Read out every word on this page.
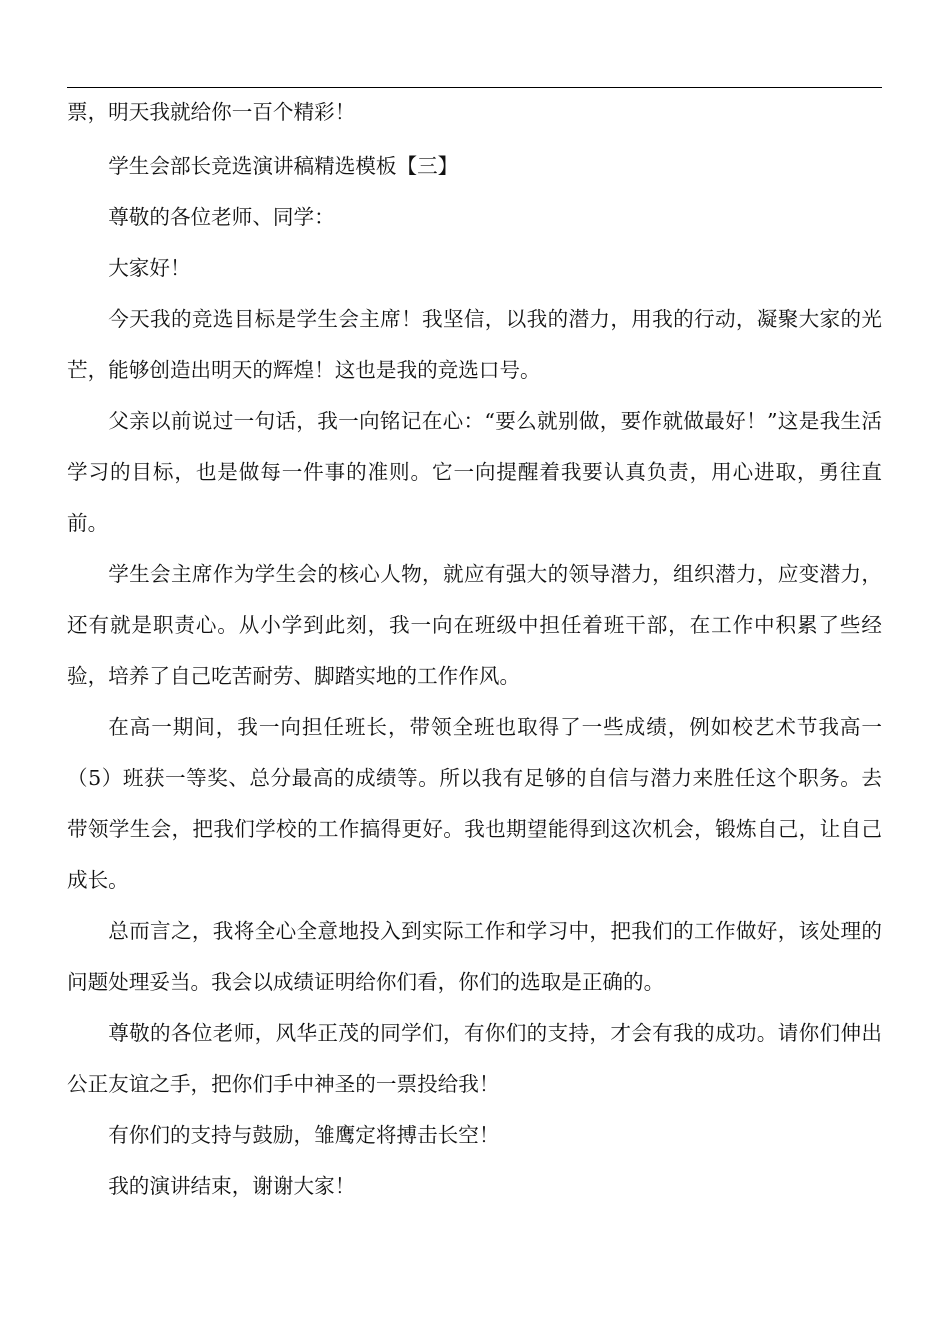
票，明天我就给你一百个精彩！

学生会部长竞选演讲稿精选模板【三】

尊敬的各位老师、同学：

大家好！

今天我的竞选目标是学生会主席！我坚信，以我的潜力，用我的行动，凝聚大家的光芒，能够创造出明天的辉煌！这也是我的竞选口号。

父亲以前说过一句话，我一向铭记在心：“要么就别做，要作就做最好！”这是我生活学习的目标，也是做每一件事的准则。它一向提醒着我要认真负责，用心进取，勇往直前。

学生会主席作为学生会的核心人物，就应有强大的领导潜力，组织潜力，应变潜力，还有就是职责心。从小学到此刻，我一向在班级中担任着班干部，在工作中积累了些经验，培养了自己吃苦耐劳、脚踏实地的工作作风。

在高一期间，我一向担任班长，带领全班也取得了一些成绩，例如校艺术节我高一（5）班获一等奖、总分最高的成绩等。所以我有足够的自信与潜力来胜任这个职务。去带领学生会，把我们学校的工作搞得更好。我也期望能得到这次机会，锻炼自己，让自己成长。

总而言之，我将全心全意地投入到实际工作和学习中，把我们的工作做好，该处理的问题处理妥当。我会以成绩证明给你们看，你们的选取是正确的。

尊敬的各位老师，风华正茂的同学们，有你们的支持，才会有我的成功。请你们伸出公正友谊之手，把你们手中神圣的一票投给我！

有你们的支持与鼓励，雏鹰定将搏击长空！

我的演讲结束，谢谢大家！
